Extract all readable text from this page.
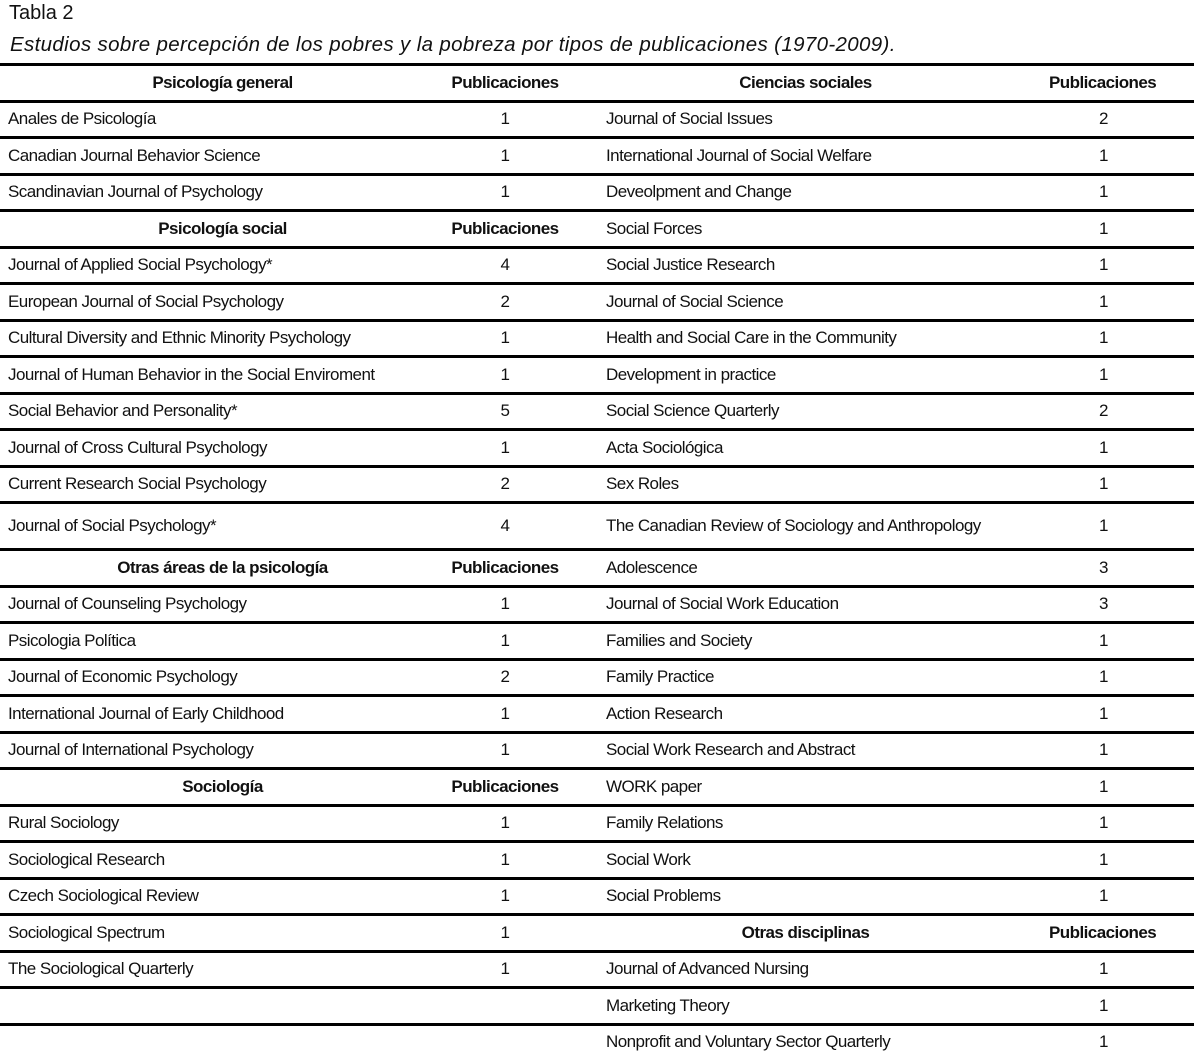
Tabla 2
Estudios sobre percepción de los pobres y la pobreza por tipos de publicaciones (1970-2009).
Psicología general	Publicaciones	Ciencias sociales	Publicaciones
Anales de Psicología	1	Journal of Social Issues	2
Canadian Journal Behavior Science	1	International Journal of Social Welfare	1
Scandinavian Journal of Psychology	1	Deveolpment and Change	1
Psicología social	Publicaciones	Social Forces	1
Journal of Applied Social Psychology*	4	Social Justice Research	1
European Journal of Social Psychology	2	Journal of Social Science	1
Cultural Diversity and Ethnic Minority Psychology	1	Health and Social Care in the Community	1
Journal of Human Behavior in the Social Enviroment	1	Development in practice	1
Social Behavior and Personality*	5	Social Science Quarterly	2
Journal of Cross Cultural Psychology	1	Acta Sociológica	1
Current Research Social Psychology	2	Sex Roles	1
Journal of Social Psychology*	4	The Canadian Review of Sociology and Anthropology	1
Otras áreas de la psicología	Publicaciones	Adolescence	3
Journal of Counseling Psychology	1	Journal of Social Work Education	3
Psicologia Política	1	Families and Society	1
Journal of Economic Psychology	2	Family Practice	1
International Journal of Early Childhood	1	Action Research	1
Journal of International Psychology	1	Social Work Research and Abstract	1
Sociología	Publicaciones	WORK paper	1
Rural Sociology	1	Family Relations	1
Sociological Research	1	Social Work	1
Czech Sociological Review	1	Social Problems	1
Sociological Spectrum	1	Otras disciplinas	Publicaciones
The Sociological Quarterly	1	Journal of Advanced Nursing	1
		Marketing Theory	1
		Nonprofit and Voluntary Sector Quarterly	1
